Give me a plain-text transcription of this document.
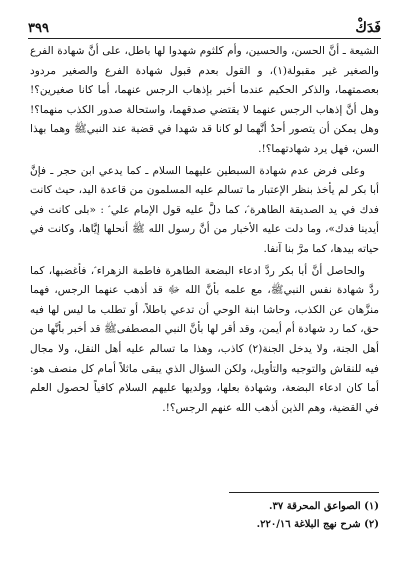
فَدَكْ
٣٩٩

الشيعة ـ أنَّ الحسن، والحسين، وأم كلثوم شهدوا لها باطل، على أنَّ شهادة الفرع والصغير غير مقبولة(١)، و القول بعدم قبول شهادة الفرع والصغير مردود بعصمتهما، والذكر الحكيم عندما أخبر بإذهاب الرجس عنهما، أما كانا صغيرين؟! وهل أنَّ إذهاب الرجس عنهما لا يقتضي صدقهما، واستحالة صدور الكذب منهما؟! وهل يمكن أن يتصور أحدٌ أنَّهما لو كانا قد شهدا في قضية عند النبيﷺ وهما بهذا السن، فهل يرد شهادتهما؟!.

وعلى فرض عدم شهادة السبطين عليهما السلام ـ كما يدعي ابن حجر ـ فإنَّ أبا بكر لم يأخذ بنظر الإعتبار ما تسالم عليه المسلمون من قاعدة اليد، حيث كانت فدك في يد الصديقة الطاهرة ؑ، كما دلَّ عليه قول الإمام علي ؑ : «بلى كانت في أيدينا فدك»، وما دلت عليه الأخبار من أنَّ رسول الله ﷺ أنحلها إيَّاها، وكانت في حياته بيدها، كما مرَّ بنا آنفا.

والحاصل أنَّ أبا بكر ردَّ ادعاء البضعة الطاهرة فاطمة الزهراء ؑ، فأغضبها، كما ردَّ شهادة نفس النبيﷺ، مع علمه بأنَّ الله ﷻ قد أذهب عنهما الرجس، فهما منزَّهان عن الكذب، وحاشا ابنة الوحي أن تدعي باطلاً، أو تطلب ما ليس لها فيه حق، كما رد شهادة أم أيمن، وقد أقر لها بأنَّ النبي المصطفىﷺ قد أخبر بأنَّها من أهل الجنة، ولا يدخل الجنة(٢) كاذب، وهذا ما تسالم عليه أهل النقل، ولا مجال فيه للنقاش والتوجيه والتأويل، ولكن السؤال الذي يبقى ماثلاً أمام كل منصف هو: أما كان ادعاء البضعة، وشهادة بعلها، وولديها عليهم السلام كافياً لحصول العلم في القضية، وهم الذين أذهب الله عنهم الرجس؟!.

(١) الصواعق المحرقة ٣٧.
(٢) شرح نهج البلاغة ٢٢٠/١٦.
